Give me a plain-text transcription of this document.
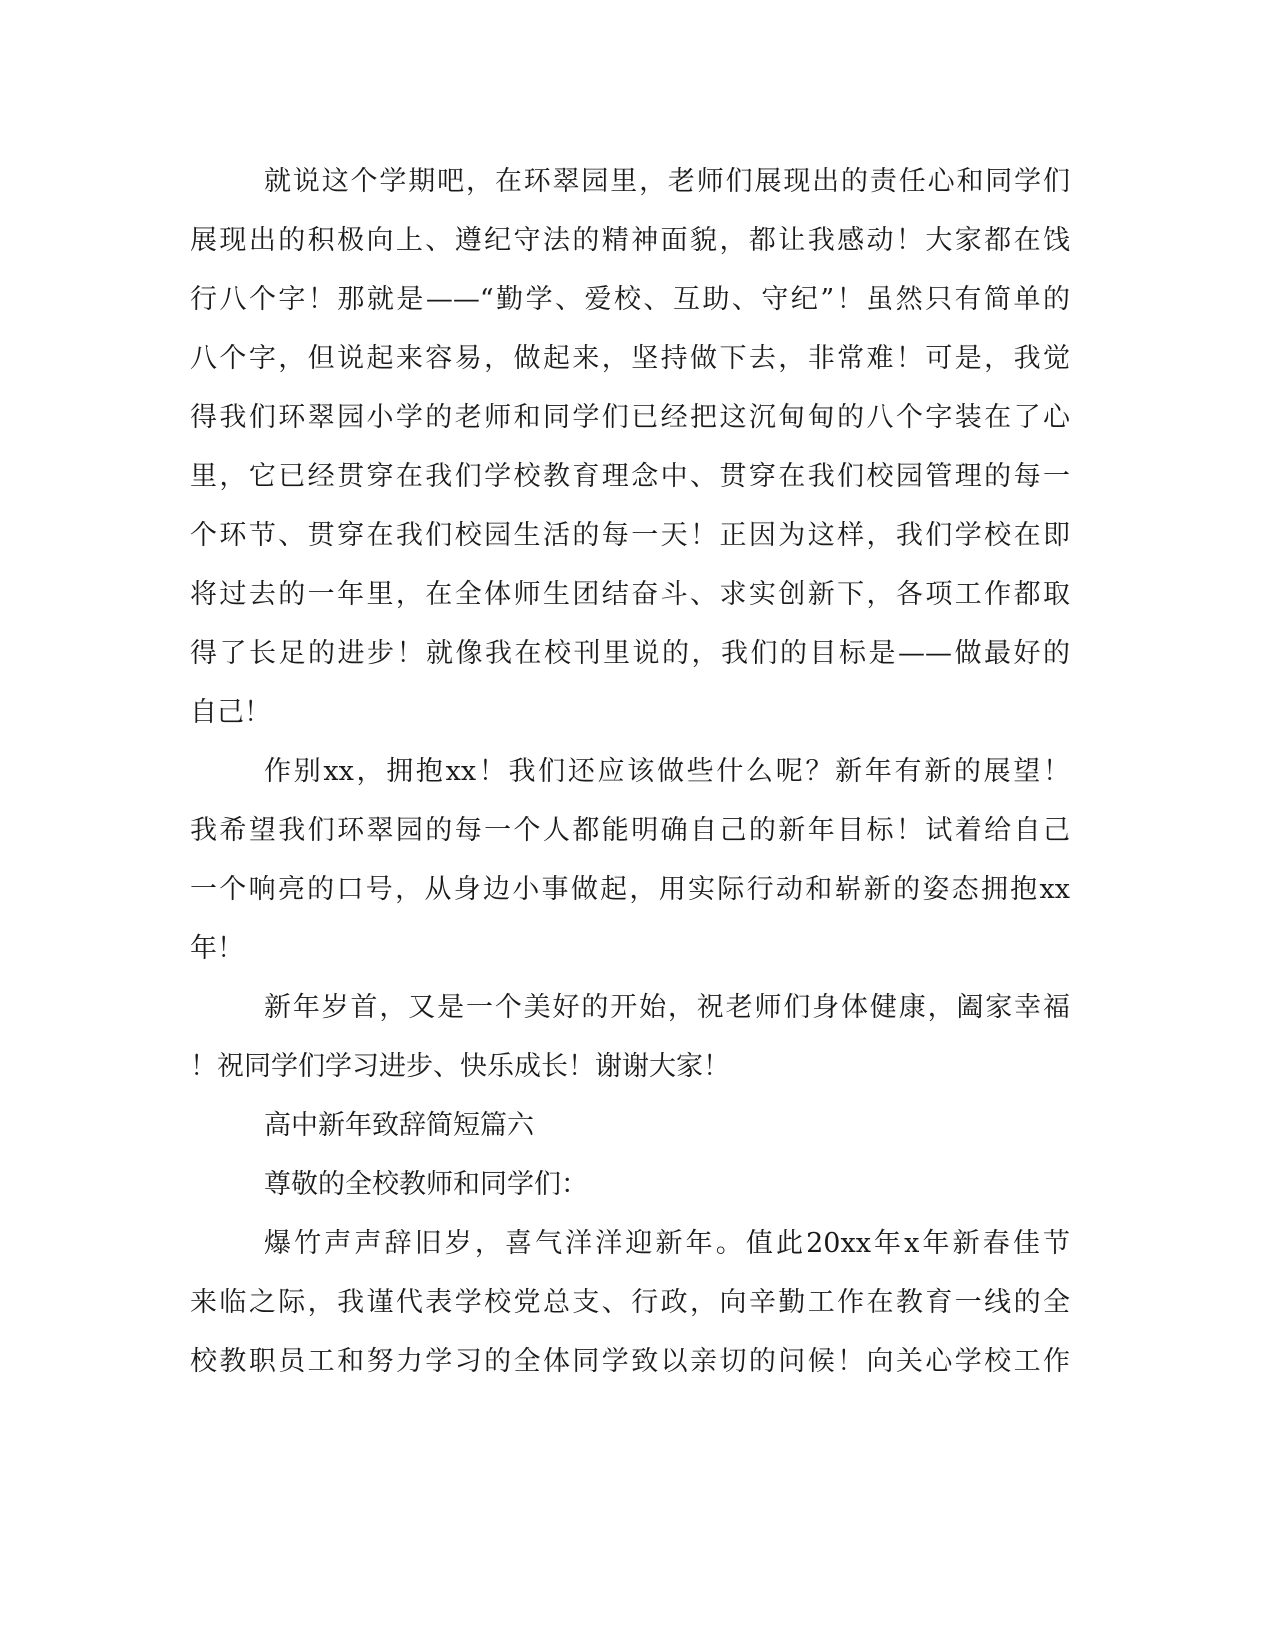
就说这个学期吧，在环翠园里，老师们展现出的责任心和同学们
展现出的积极向上、遵纪守法的精神面貌，都让我感动！大家都在饯
行八个字！那就是——“勤学、爱校、互助、守纪”！虽然只有简单的
八个字，但说起来容易，做起来，坚持做下去，非常难！可是，我觉
得我们环翠园小学的老师和同学们已经把这沉甸甸的八个字装在了心
里，它已经贯穿在我们学校教育理念中、贯穿在我们校园管理的每一
个环节、贯穿在我们校园生活的每一天！正因为这样，我们学校在即
将过去的一年里，在全体师生团结奋斗、求实创新下，各项工作都取
得了长足的进步！就像我在校刊里说的，我们的目标是——做最好的
自己！
作别xx，拥抱xx！我们还应该做些什么呢？新年有新的展望！
我希望我们环翠园的每一个人都能明确自己的新年目标！试着给自己
一个响亮的口号，从身边小事做起，用实际行动和崭新的姿态拥抱xx
年！
新年岁首，又是一个美好的开始，祝老师们身体健康，阖家幸福
！祝同学们学习进步、快乐成长！谢谢大家！
高中新年致辞简短篇六
尊敬的全校教师和同学们：
爆竹声声辞旧岁，喜气洋洋迎新年。值此20xx年x年新春佳节
来临之际，我谨代表学校党总支、行政，向辛勤工作在教育一线的全
校教职员工和努力学习的全体同学致以亲切的问候！向关心学校工作
